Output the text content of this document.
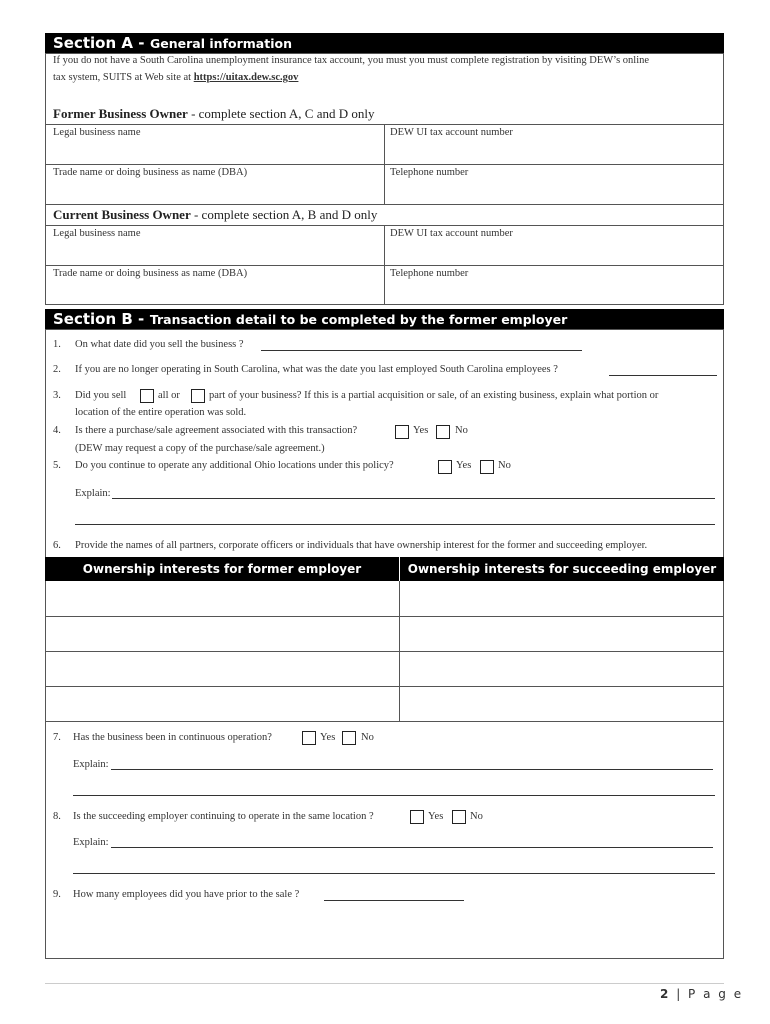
Section A - General information
If you do not have a South Carolina unemployment insurance tax account, you must you must complete registration by visiting DEW’s online
tax system, SUITS at Web site at https://uitax.dew.sc.gov
Former Business Owner - complete section A, C and D only
Legal business name	DEW UI tax account number
Trade name or doing business as name (DBA)	Telephone number
Current Business Owner - complete section A, B and D only
Legal business name	DEW UI tax account number
Trade name or doing business as name (DBA)	Telephone number
Section B - Transaction detail to be completed by the former employer
1. On what date did you sell the business ?
2. If you are no longer operating in South Carolina, what was the date you last employed South Carolina employees ?
3. Did you sell	all or	part of your business? If this is a partial acquisition or sale, of an existing business, explain what portion or
location of the entire operation was sold.
4. Is there a purchase/sale agreement associated with this transaction?	Yes	No
(DEW may request a copy of the purchase/sale agreement.)
5. Do you continue to operate any additional Ohio locations under this policy?	Yes	No
Explain:
6. Provide the names of all partners, corporate officers or individuals that have ownership interest for the former and succeeding employer.
Ownership interests for former employer	Ownership interests for succeeding employer
7. Has the business been in continuous operation?	Yes No
Explain:
8. Is the succeeding employer continuing to operate in the same location ?	Yes	No
Explain:
9. How many employees did you have prior to the sale ?
2 | P a g e
